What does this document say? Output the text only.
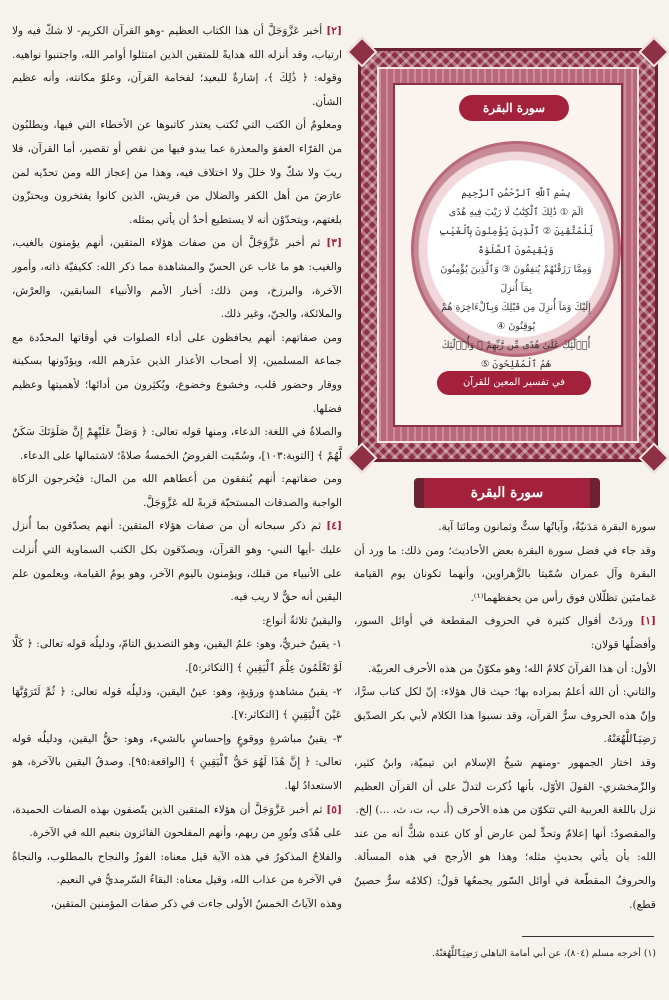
[٢] أخبر عَزَّوَجَلَّ أن هذا الكتاب العظيم -وهو القرآن الكريم- لا شكّ فيه ولا ارتياب، وقد أنزله الله هدايةً للمتقين الذين امتثلوا أوامر الله، واجتنبوا نواهيه. وقوله: ﴿ ذَٰلِكَ ﴾، إشارةٌ للبعيد؛ لفخامة القرآن، وعلوّ مكانته، وأنه عظيم الشأن.

ومعلومٌ أن الكتب التي تُكتب يعتذر كاتبوها عن الأخطاء التي فيها، ويطلبُون من القرّاء العفوَ والمعذرة عما يبدو فيها من نقص أو تقصير، أما القرآن، فلا ريبَ ولا شكّ ولا خللَ ولا اختلاف فيه، وهذا من إعجاز الله ومن تحدّيه لمن عارَضَ من أهل الكفر والضلال من قريش، الذين كانوا يفتخرون ويحتزّون بلغتهم، ويتحدّوْن أنه لا يستطيع أحدٌ أن يأتي بمثله.

[٣] ثم أخبر عَزَّوَجَلَّ أن من صفات هؤلاء المتقين، أنهم يؤمنون بالغيب، والغيب: هو ما غاب عن الحسّ والمشاهدة مما ذكر الله: ككيفيّة ذاته، وأمور الآخرة، والبرزخ، ومن ذلك: أخبار الأمم والأنبياء السابقين، والعرْش، والملائكة، والجنّ، وغير ذلك.

ومن صفاتهم: أنهم يحافظون على أداء الصلوات في أوقاتها المحدّدة مع جماعة المسلمين، إلا أصحاب الأعذار الذين عذَرهم الله، ويؤدّونها بسكينة ووقار وحضور قلب، وخشوع وخضوع، ويُكثِرون من أدائها؛ لأهميتها وعظيم فضلها.

والصلاةُ في اللغة: الدعاء، ومنها قوله تعالى: ﴿ وَصَلِّ عَلَيْهِمْ إِنَّ صَلَوٰتَكَ سَكَنٌ لَّهُمْ ﴾ [التوبة:١٠٣]، وسُمّيت الفروضُ الخمسةُ صلاةً؛ لاشتمالها على الدعاء.

ومن صفاتهم: أنهم يُنفقون من أعطاهم الله من المال: فيُخرجون الزكاة الواجبة والصدقات المستحبّة قربةً لله عَزَّوَجَلَّ.

[٤] ثم ذكر سبحانه أن من صفات هؤلاء المتقين: أنهم يصدّقون بما أُنزل عليك -أيها النبي- وهو القرآن، ويصدّقون بكل الكتب السماوية التي أُنزلت على الأنبياء من قبلك، ويؤمنون باليوم الآخر، وهو يومُ القيامة، ويعلمون علم اليقين أنه حقٌّ لا ريب فيه.

واليقينُ ثلاثةُ أنواع:

١- يقينٌ خبريٌّ، وهو: علمُ اليقين، وهو التصديق التامّ، ودليلُه قوله تعالى: ﴿ كَلَّا لَوْ تَعْلَمُونَ عِلْمَ ٱلْيَقِينِ ﴾ [التكاثر:٥].

٢- يقينُ مشاهدةٍ ورؤيةٍ، وهو: عينُ اليقين، ودليلُه قوله تعالى: ﴿ ثُمَّ لَتَرَوُنَّهَا عَيْنَ ٱلْيَقِينِ ﴾ [التكاثر:٧].

٣- يقينُ مباشرةٍ ووقوعٍ وإحساسٍ بالشيء، وهو: حقُّ اليقين، ودليلُه قوله تعالى: ﴿ إِنَّ هَٰذَا لَهُوَ حَقُّ ٱلْيَقِينِ ﴾ [الواقعة:٩٥]. وصدقُ اليقين بالآخرة، هو الاستعدادُ لها.

[٥] ثم أخبر عَزَّوَجَلَّ أن هؤلاء المتقين الذين يتّصفون بهذه الصفات الحميدة، على هُدًى ونُورٍ من ربهم، وأنهم المفلحون الفائزون بنعيم الله في الآخرة.

والفلاحُ المذكورُ في هذه الآية قيل معناه: الفوزُ والنجاح بالمطلوب، والنجاةُ في الآخرة من عذاب الله، وقيل معناه: البقاءُ السّرمديُّ في النعيم.

وهذه الآياتُ الخمسُ الأولى جاءت في ذكر صفات المؤمنين المتقين،

سورة البقرة
بِسْمِ ٱللَّهِ ٱلرَّحْمَٰنِ ٱلرَّحِيمِ
الٓمٓ ① ذَٰلِكَ ٱلْكِتَٰبُ لَا رَيْبَ فِيهِ هُدًى
لِّلْمُتَّقِينَ ② ٱلَّذِينَ يُؤْمِنُونَ بِٱلْغَيْبِ وَيُقِيمُونَ ٱلصَّلَوٰةَ
وَمِمَّا رَزَقْنَٰهُمْ يُنفِقُونَ ③ وَٱلَّذِينَ يُؤْمِنُونَ بِمَآ أُنزِلَ
إِلَيْكَ وَمَآ أُنزِلَ مِن قَبْلِكَ وَبِٱلْءَاخِرَةِ هُمْ يُوقِنُونَ ④
أُو۟لَٰٓئِكَ عَلَىٰ هُدًى مِّن رَّبِّهِمْ ۖ وَأُو۟لَٰٓئِكَ
هُمُ ٱلْمُفْلِحُونَ ⑤
في تفسير المعين للقرآن
سورة البقرة

سورة البقرة مَدَنيّةٌ، وآياتُها ستٌّ وثمانون ومائتا آية.

وقد جاء في فضل سورة البقرة بعض الأحاديث؛ ومن ذلك: ما ورد أن البقرة وآل عمران سُمّيتا بالزَّهراوين، وأنهما تكونان يوم القيامة غمامتَين تظلّلان فوق رأس من يحفظهما⁽¹⁾.

[١] وردَتْ أقوال كثيرة في الحروف المقطعة في أوائل السور، وأفضلُها قولان:

الأول: أن هذا القرآنَ كلامُ الله؛ وهو مكوّنٌ من هذه الأحرف العربيّة.

والثاني: أن الله أعلمُ بمراده بها؛ حيث قال هؤلاء: إنّ لكل كتاب سرًّا، وإنّ هذه الحروف سرُّ القرآن، وقد نسبوا هذا الكلام لأبي بكر الصدّيق رَضِيَٱللَّهُعَنْهُ.

وقد اختار الجمهور -ومنهم شيخُ الإسلام ابن تيميّة، وابنُ كثير، والزّمخشري- القولَ الأوّل، بأنها ذُكرت لتدلّ على أن القرآن العظيم نزل باللغة العربية التي تتكوّن من هذه الأحرف (أ، ب، ت، ث، ...) إلخ.

والمقصودُ: أنها إعلامٌ وتحدٍّ لمن عارض أو كان عنده شكٌّ أنه من عند الله: بأن يأتي بحديثٍ مثله؛ وهذا هو الأرجح في هذه المسألة. والحروفُ المقطّعة في أوائل السّور يجمعُها قولُ: (كلامُه سرٌّ حصينٌ قطع).

(١) أخرجه مسلم (٨٠٤)، عن أبي أمامة الباهلي رَضِيَٱللَّهُعَنْهُ.
